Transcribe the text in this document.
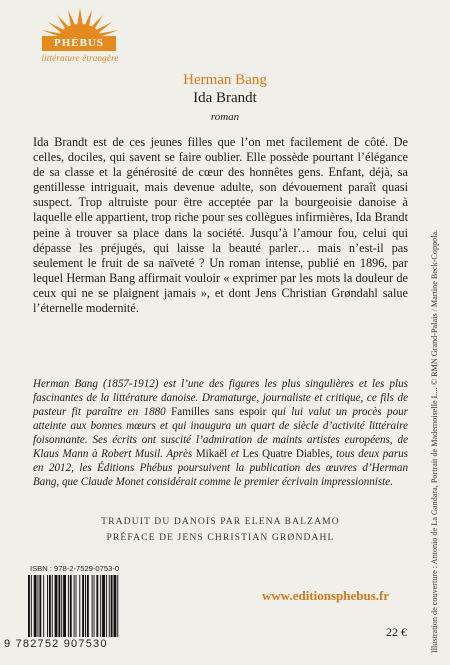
PHÉBUS
littérature étrangère
Herman Bang
Ida Brandt
roman

Ida Brandt est de ces jeunes filles que l’on met facilement de côté. De celles, dociles, qui savent se faire oublier. Elle possède pourtant l’élégance de sa classe et la générosité de cœur des honnêtes gens. Enfant, déjà, sa gentillesse intriguait, mais devenue adulte, son dévouement paraît quasi suspect. Trop altruiste pour être acceptée par la bourgeoisie danoise à laquelle elle appartient, trop riche pour ses collègues infirmières, Ida Brandt peine à trouver sa place dans la société. Jusqu’à l’amour fou, celui qui dépasse les préjugés, qui laisse la beauté parler… mais n’est-il pas seulement le fruit de sa naïveté ? Un roman intense, publié en 1896, par lequel Herman Bang affirmait vouloir « exprimer par les mots la douleur de ceux qui ne se plaignent jamais », et dont Jens Christian Grøndahl salue l’éternelle modernité.

Herman Bang (1857-1912) est l’une des figures les plus singulières et les plus fascinantes de la littérature danoise. Dramaturge, journaliste et critique, ce fils de pasteur fit paraître en 1880 Familles sans espoir qui lui valut un procès pour atteinte aux bonnes mœurs et qui inaugura un quart de siècle d’activité littéraire foisonnante. Ses écrits ont suscité l’admiration de maints artistes européens, de Klaus Mann à Robert Musil. Après Mikaël et Les Quatre Diables, tous deux parus en 2012, les Éditions Phébus poursuivent la publication des œuvres d’Herman Bang, que Claude Monet considérait comme le premier écrivain impressionniste.

TRADUIT DU DANOIS PAR ELENA BALZAMO
PRÉFACE DE JENS CHRISTIAN GRØNDAHL
ISBN : 978-2-7529-0753-0
9 782752 907530
www.editionsphebus.fr
22 €	Illustration de couverture : Antonio de La Gandara, Portrait de Mademoiselle L... © RMN Grand-Palais / Martine Beck-Coppola.
